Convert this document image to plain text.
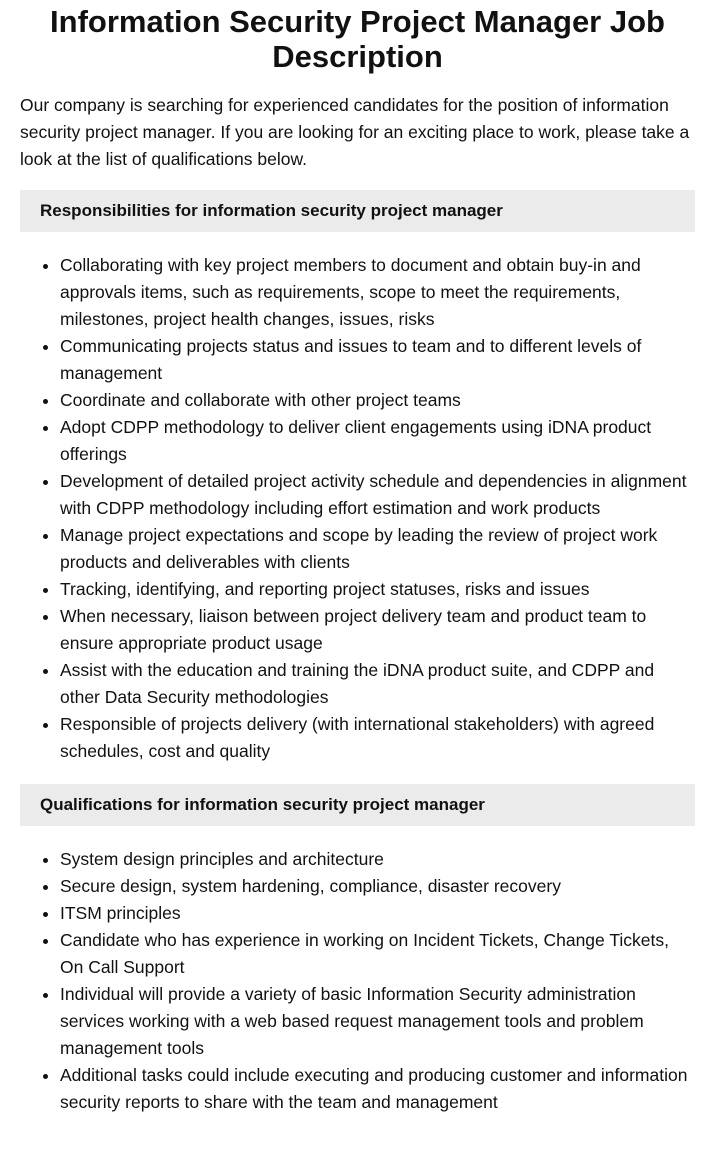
Information Security Project Manager Job Description

Our company is searching for experienced candidates for the position of information security project manager. If you are looking for an exciting place to work, please take a look at the list of qualifications below.

Responsibilities for information security project manager
• Collaborating with key project members to document and obtain buy-in and approvals items, such as requirements, scope to meet the requirements, milestones, project health changes, issues, risks
• Communicating projects status and issues to team and to different levels of management
• Coordinate and collaborate with other project teams
• Adopt CDPP methodology to deliver client engagements using iDNA product offerings
• Development of detailed project activity schedule and dependencies in alignment with CDPP methodology including effort estimation and work products
• Manage project expectations and scope by leading the review of project work products and deliverables with clients
• Tracking, identifying, and reporting project statuses, risks and issues
• When necessary, liaison between project delivery team and product team to ensure appropriate product usage
• Assist with the education and training the iDNA product suite, and CDPP and other Data Security methodologies
• Responsible of projects delivery (with international stakeholders) with agreed schedules, cost and quality
Qualifications for information security project manager
• System design principles and architecture
• Secure design, system hardening, compliance, disaster recovery
• ITSM principles
• Candidate who has experience in working on Incident Tickets, Change Tickets, On Call Support
• Individual will provide a variety of basic Information Security administration services working with a web based request management tools and problem management tools
• Additional tasks could include executing and producing customer and information security reports to share with the team and management
